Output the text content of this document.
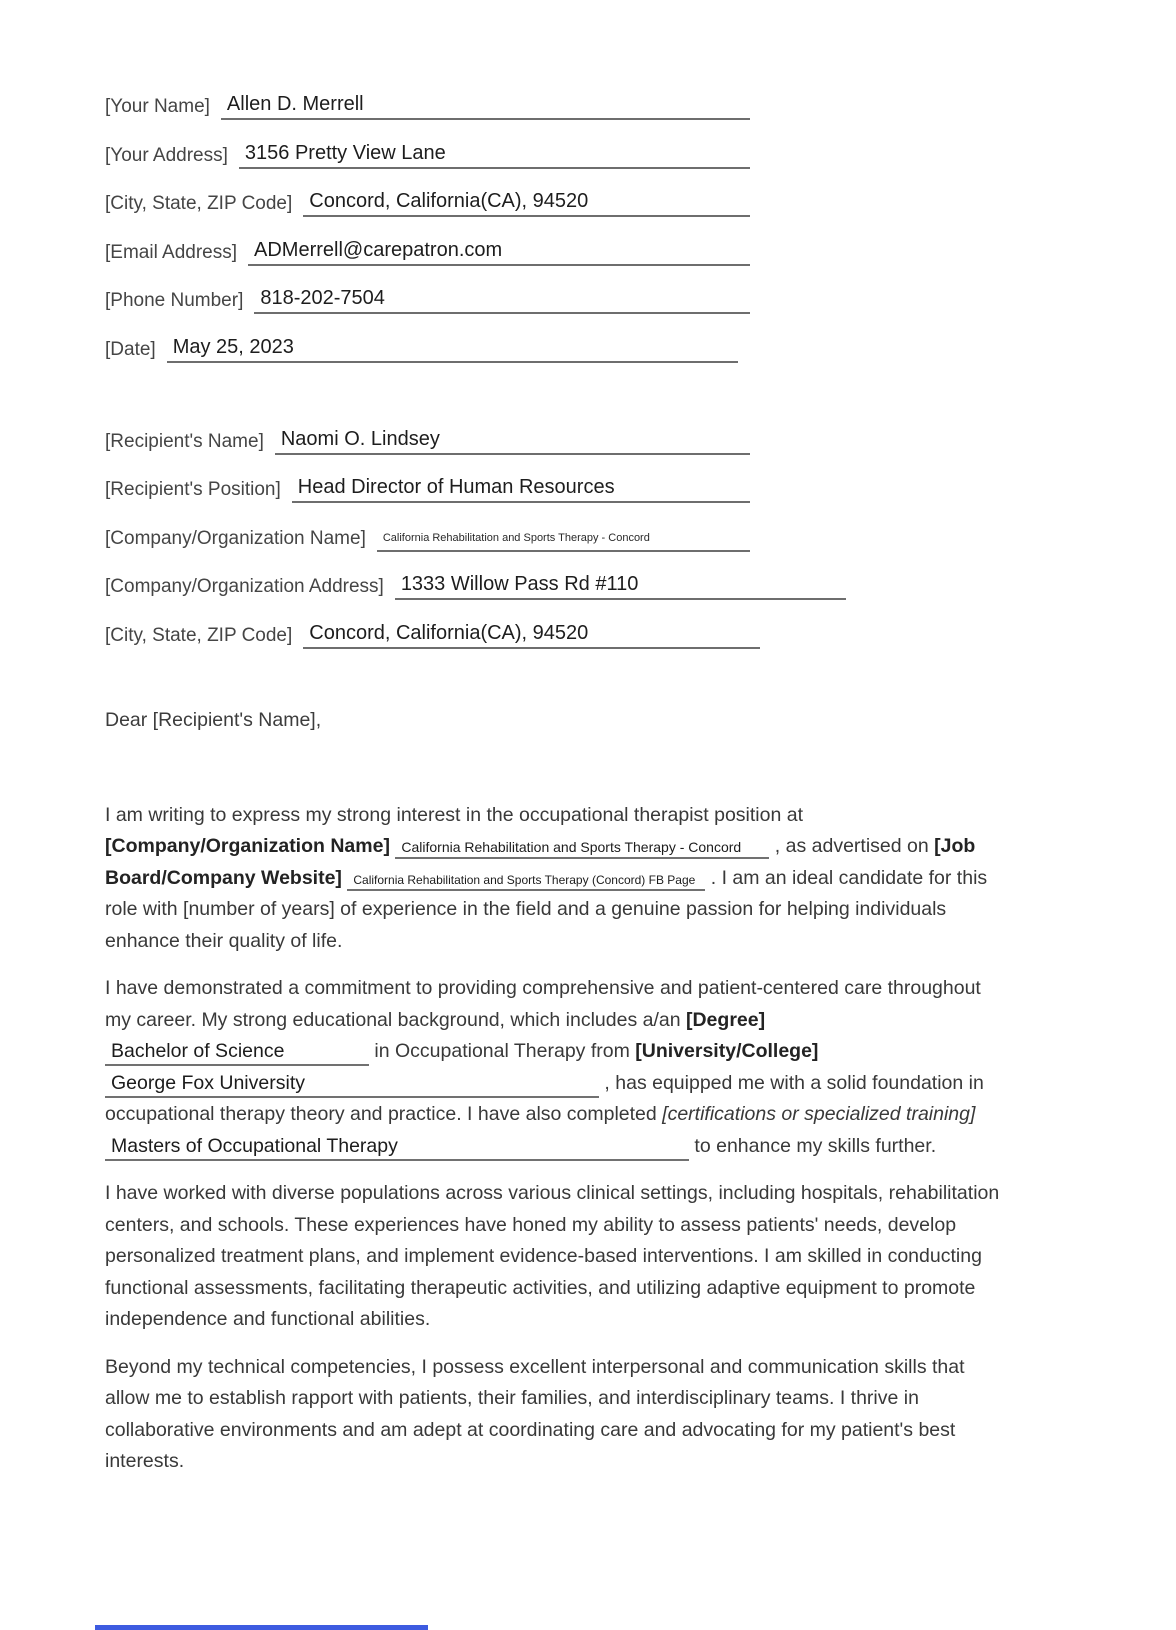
[Your Name] Allen D. Merrell
[Your Address] 3156 Pretty View Lane
[City, State, ZIP Code] Concord, California(CA), 94520
[Email Address] ADMerrell@carepatron.com
[Phone Number] 818-202-7504
[Date] May 25, 2023
[Recipient's Name] Naomi O. Lindsey
[Recipient's Position] Head Director of Human Resources
[Company/Organization Name]	California Rehabilitation and Sports Therapy - Concord
[Company/Organization Address] 1333 Willow Pass Rd #110
[City, State, ZIP Code] Concord, California(CA), 94520

Dear [Recipient's Name],

I am writing to express my strong interest in the occupational therapist position at [Company/Organization Name] California Rehabilitation and Sports Therapy - Concord , as advertised on [Job Board/Company Website] California Rehabilitation and Sports Therapy (Concord) FB Page . I am an ideal candidate for this role with [number of years] of experience in the field and a genuine passion for helping individuals enhance their quality of life.

I have demonstrated a commitment to providing comprehensive and patient-centered care throughout my career. My strong educational background, which includes a/an [Degree] Bachelor of Science	in Occupational Therapy from [University/College] George Fox University	, has equipped me with a solid foundation in occupational therapy theory and practice. I have also completed [certifications or specialized training] Masters of Occupational Therapy	to enhance my skills further.

I have worked with diverse populations across various clinical settings, including hospitals, rehabilitation centers, and schools. These experiences have honed my ability to assess patients' needs, develop personalized treatment plans, and implement evidence-based interventions. I am skilled in conducting functional assessments, facilitating therapeutic activities, and utilizing adaptive equipment to promote independence and functional abilities.

Beyond my technical competencies, I possess excellent interpersonal and communication skills that allow me to establish rapport with patients, their families, and interdisciplinary teams. I thrive in collaborative environments and am adept at coordinating care and advocating for my patient's best interests.
